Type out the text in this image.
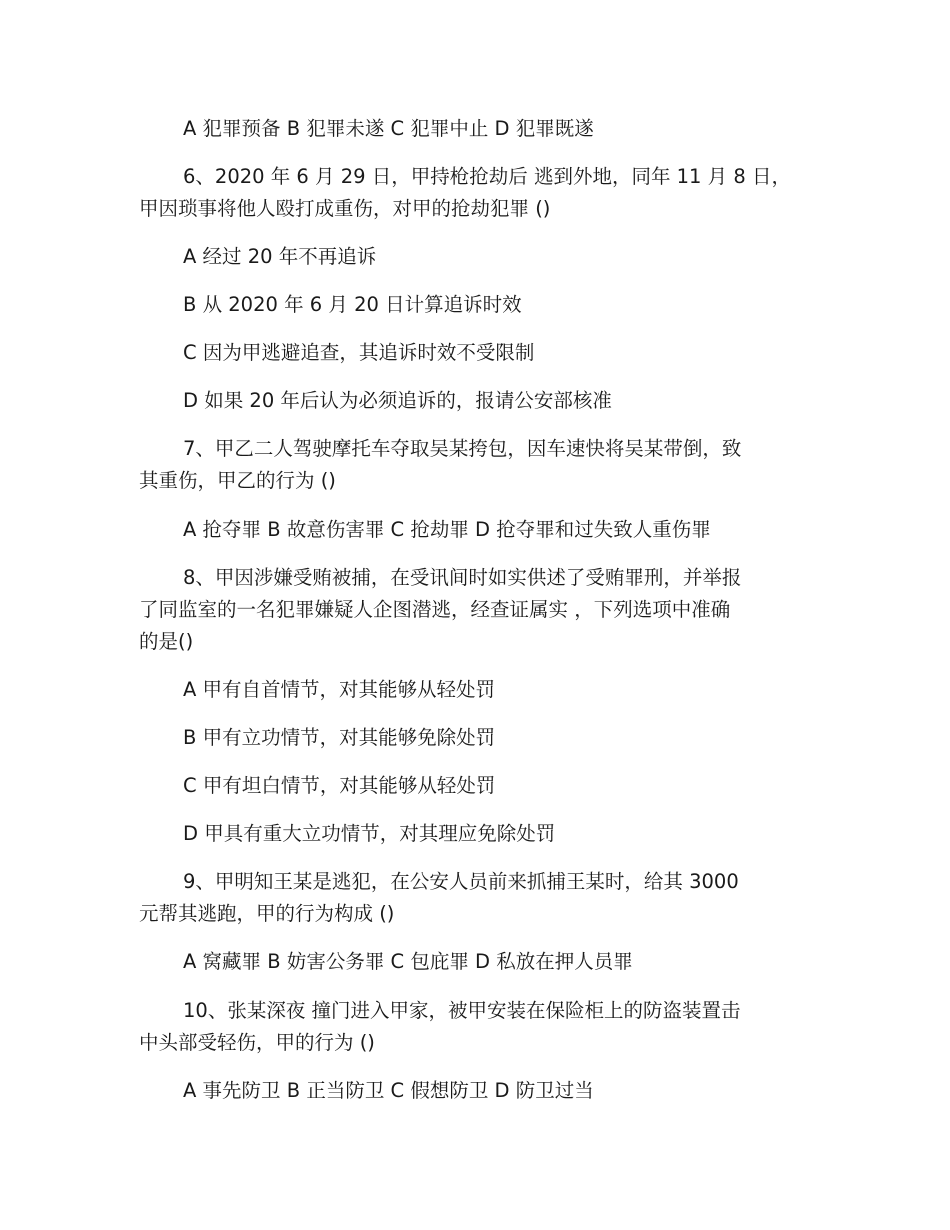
A 犯罪预备 B 犯罪未遂 C 犯罪中止 D 犯罪既遂
6、2020 年 6 月 29 日，甲持枪抢劫后 逃到外地，同年 11 月 8 日，
甲因琐事将他人殴打成重伤，对甲的抢劫犯罪 ()
A 经过 20 年不再追诉
B 从 2020 年 6 月 20 日计算追诉时效
C 因为甲逃避追查，其追诉时效不受限制
D 如果 20 年后认为必须追诉的，报请公安部核准
7、甲乙二人驾驶摩托车夺取吴某挎包，因车速快将吴某带倒，致
其重伤，甲乙的行为 ()
A 抢夺罪 B 故意伤害罪 C 抢劫罪 D 抢夺罪和过失致人重伤罪
8、甲因涉嫌受贿被捕，在受讯间时如实供述了受贿罪刑，并举报
了同监室的一名犯罪嫌疑人企图潜逃，经查证属实 ，下列选项中准确
的是()
A 甲有自首情节，对其能够从轻处罚
B 甲有立功情节，对其能够免除处罚
C 甲有坦白情节，对其能够从轻处罚
D 甲具有重大立功情节，对其理应免除处罚
9、甲明知王某是逃犯，在公安人员前来抓捕王某时，给其 3000
元帮其逃跑，甲的行为构成 ()
A 窝藏罪 B 妨害公务罪 C 包庇罪 D 私放在押人员罪
10、张某深夜 撞门进入甲家，被甲安装在保险柜上的防盗装置击
中头部受轻伤，甲的行为 ()
A 事先防卫 B 正当防卫 C 假想防卫 D 防卫过当
